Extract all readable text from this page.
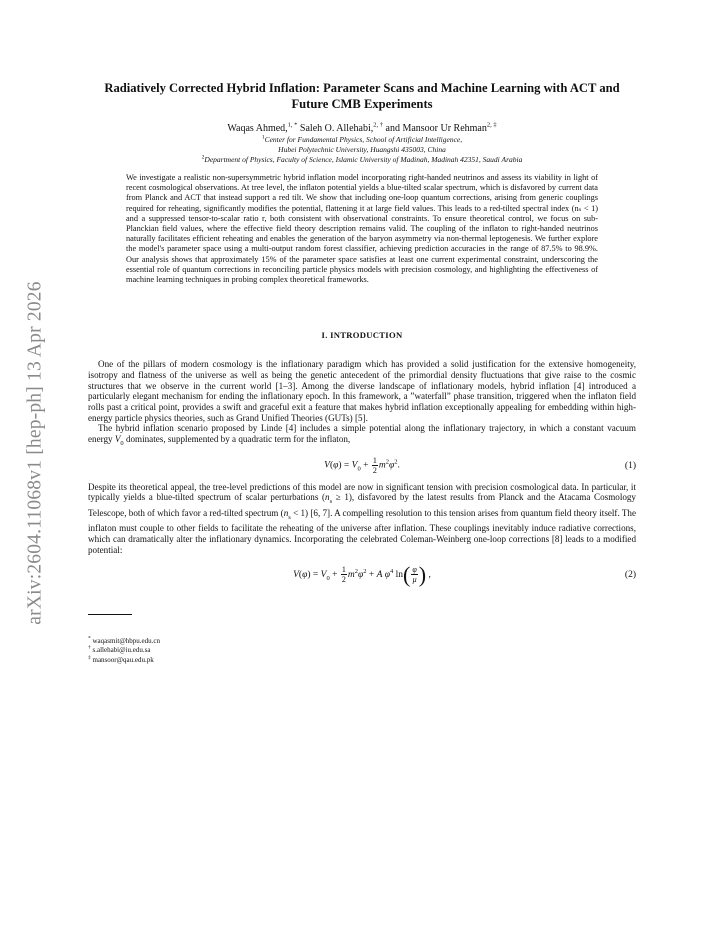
arXiv:2604.11068v1 [hep-ph] 13 Apr 2026
Radiatively Corrected Hybrid Inflation: Parameter Scans and Machine Learning with ACT and Future CMB Experiments
Waqas Ahmed,$^{1, *}$ Saleh O. Allehabi,$^{2, \dagger}$ and Mansoor Ur Rehman$^{2, \ddagger}$
$^1$Center for Fundamental Physics, School of Artificial Intelligence,
Hubei Polytechnic University, Huangshi 435003, China
$^2$Department of Physics, Faculty of Science, Islamic University of Madinah, Madinah 42351, Saudi Arabia
We investigate a realistic non-supersymmetric hybrid inflation model incorporating right-handed neutrinos and assess its viability in light of recent cosmological observations. At tree level, the inflaton potential yields a blue-tilted scalar spectrum, which is disfavored by current data from Planck and ACT that instead support a red tilt. We show that including one-loop quantum corrections, arising from generic couplings required for reheating, significantly modifies the potential, flattening it at large field values. This leads to a red-tilted spectral index (nₛ < 1) and a suppressed tensor-to-scalar ratio r, both consistent with observational constraints. To ensure theoretical control, we focus on sub-Planckian field values, where the effective field theory description remains valid. The coupling of the inflaton to right-handed neutrinos naturally facilitates efficient reheating and enables the generation of the baryon asymmetry via non-thermal leptogenesis. We further explore the model's parameter space using a multi-output random forest classifier, achieving prediction accuracies in the range of 87.5% to 98.9%. Our analysis shows that approximately 15% of the parameter space satisfies at least one current experimental constraint, underscoring the essential role of quantum corrections in reconciling particle physics models with precision cosmology, and highlighting the effectiveness of machine learning techniques in probing complex theoretical frameworks.
I. INTRODUCTION

One of the pillars of modern cosmology is the inflationary paradigm which has provided a solid justification for the extensive homogeneity, isotropy and flatness of the universe as well as being the genetic antecedent of the primordial density fluctuations that give raise to the cosmic structures that we observe in the current world [1–3]. Among the diverse landscape of inflationary models, hybrid inflation [4] introduced a particularly elegant mechanism for ending the inflationary epoch. In this framework, a ”waterfall” phase transition, triggered when the inflaton field rolls past a critical point, provides a swift and graceful exit a feature that makes hybrid inflation exceptionally appealing for embedding within high-energy particle physics theories, such as Grand Unified Theories (GUTs) [5].

The hybrid inflation scenario proposed by Linde [4] includes a simple potential along the inflationary trajectory, in which a constant vacuum energy $V_0$ dominates, supplemented by a quadratic term for the inflaton,

$V(\varphi) = V_0 + \frac{1}{2} m^2\varphi^2$.	(1)

Despite its theoretical appeal, the tree-level predictions of this model are now in significant tension with precision cosmological data. In particular, it typically yields a blue-tilted spectrum of scalar perturbations $(n_s \ge 1)$, disfavored by the latest results from Planck and the Atacama Cosmology Telescope, both of which favor a red-tilted spectrum $(n_s < 1)$ [6, 7]. A compelling resolution to this tension arises from quantum field theory itself. The inflaton must couple to other fields to facilitate the reheating of the universe after inflation. These couplings inevitably induce radiative corrections, which can dramatically alter the inflationary dynamics. Incorporating the celebrated Coleman-Weinberg one-loop corrections [8] leads to a modified potential:

$V(\varphi) = V_0 + \frac{1}{2} m^2\varphi^2 + A$ $\varphi^4$ $\ln( \frac{\varphi}{\mu}$ ) ,	(2)
* waqasmit@hbpu.edu.cn
† s.allehabi@iu.edu.sa
‡ mansoor@qau.edu.pk
